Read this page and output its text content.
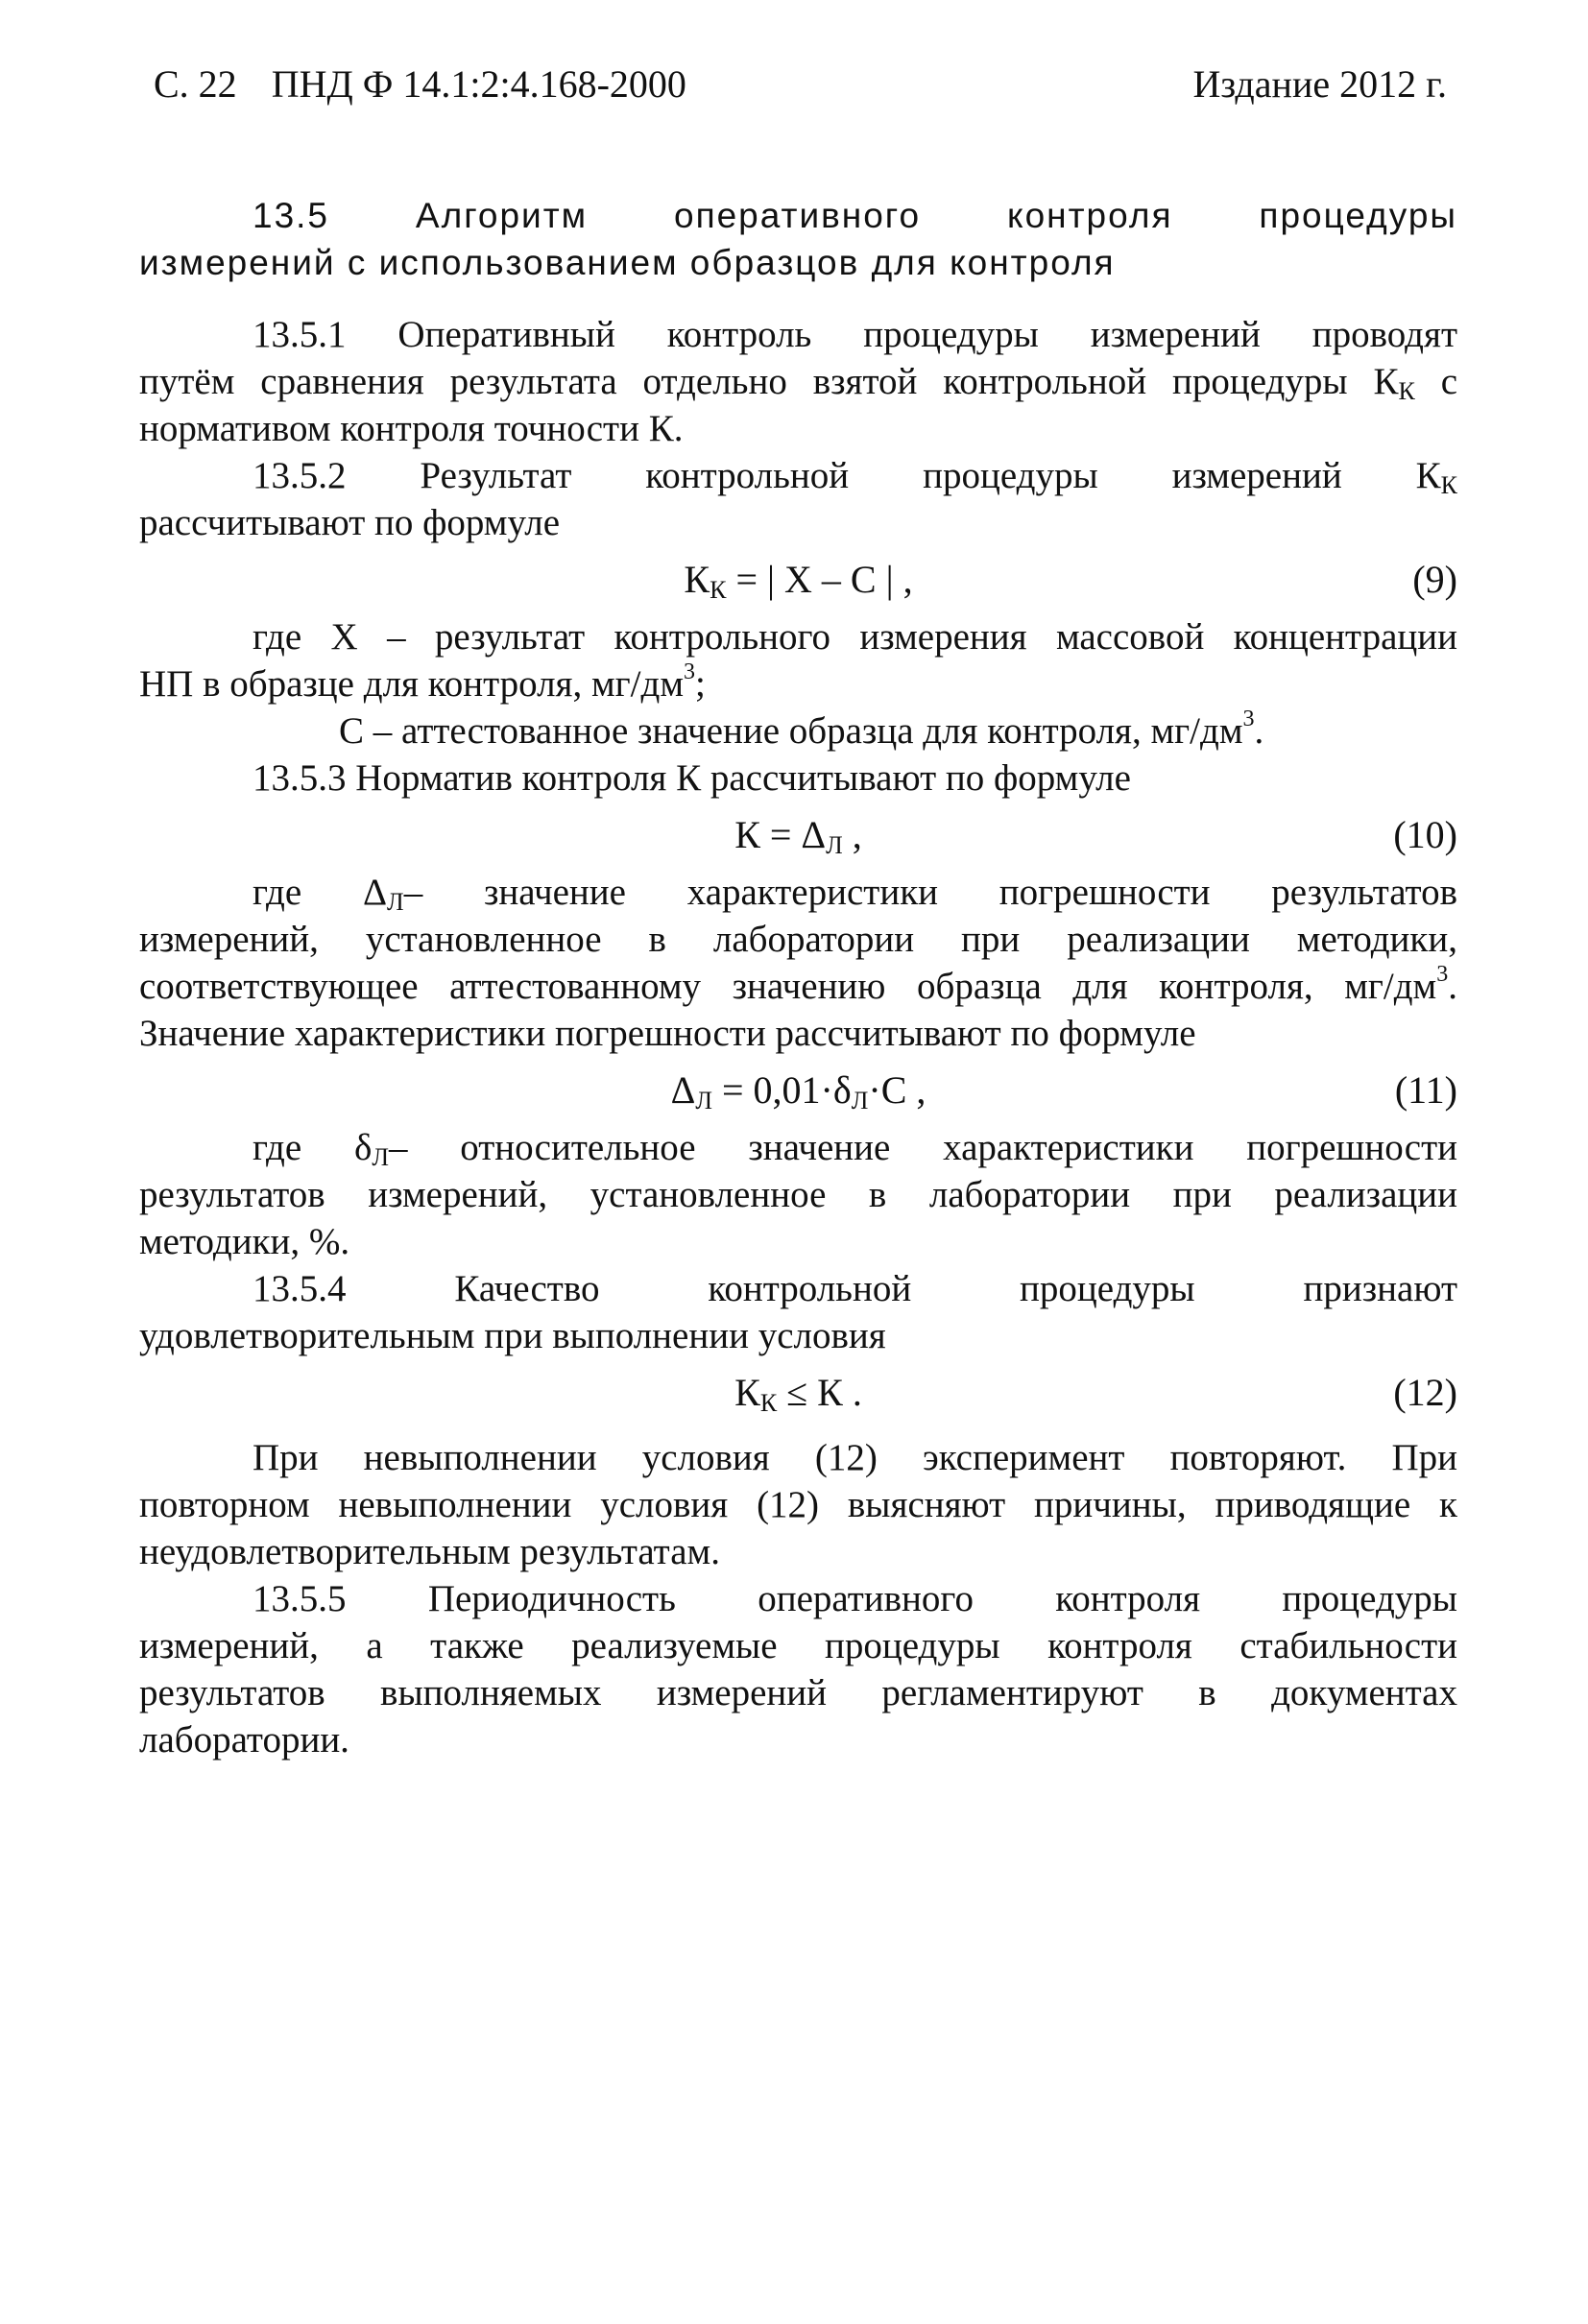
С. 22 ПНД Ф 14.1:2:4.168-2000	Издание 2012 г.
13.5 Алгоритм оперативного контроля процедуры
измерений с использованием образцов для контроля
13.5.1 Оперативный контроль процедуры измерений проводят
путём сравнения результата отдельно взятой контрольной процедуры $К_К$ с
нормативом контроля точности К.
13.5.2 Результат контрольной процедуры измерений $К_К$
рассчитывают по формуле
$К_К$ = | Х – С | ,	(9)
где Х – результат контрольного измерения массовой концентрации
НП в образце для контроля, $мг/дм^3$;
С – аттестованное значение образца для контроля, $мг/дм^3$.
13.5.3 Норматив контроля К рассчитывают по формуле
$К = \Delta_Л$ ,	(10)
где $\Delta_Л-$ значение характеристики погрешности результатов
измерений, установленное в лаборатории при реализации методики,
соответствующее аттестованному значению образца для контроля, $мг/дм^3$.
Значение характеристики погрешности рассчитывают по формуле
$\Delta_Л = 0,01\cdot\delta_Л\cdot С$ ,	(11)
где $\delta_Л-$ относительное значение характеристики погрешности
результатов измерений, установленное в лаборатории при реализации
методики, %.
13.5.4 Качество контрольной процедуры признают
удовлетворительным при выполнении условия
$К_К \le К$ .	(12)
При невыполнении условия (12) эксперимент повторяют. При
повторном невыполнении условия (12) выясняют причины, приводящие к
неудовлетворительным результатам.
13.5.5 Периодичность оперативного контроля процедуры
измерений, а также реализуемые процедуры контроля стабильности
результатов выполняемых измерений регламентируют в документах
лаборатории.
